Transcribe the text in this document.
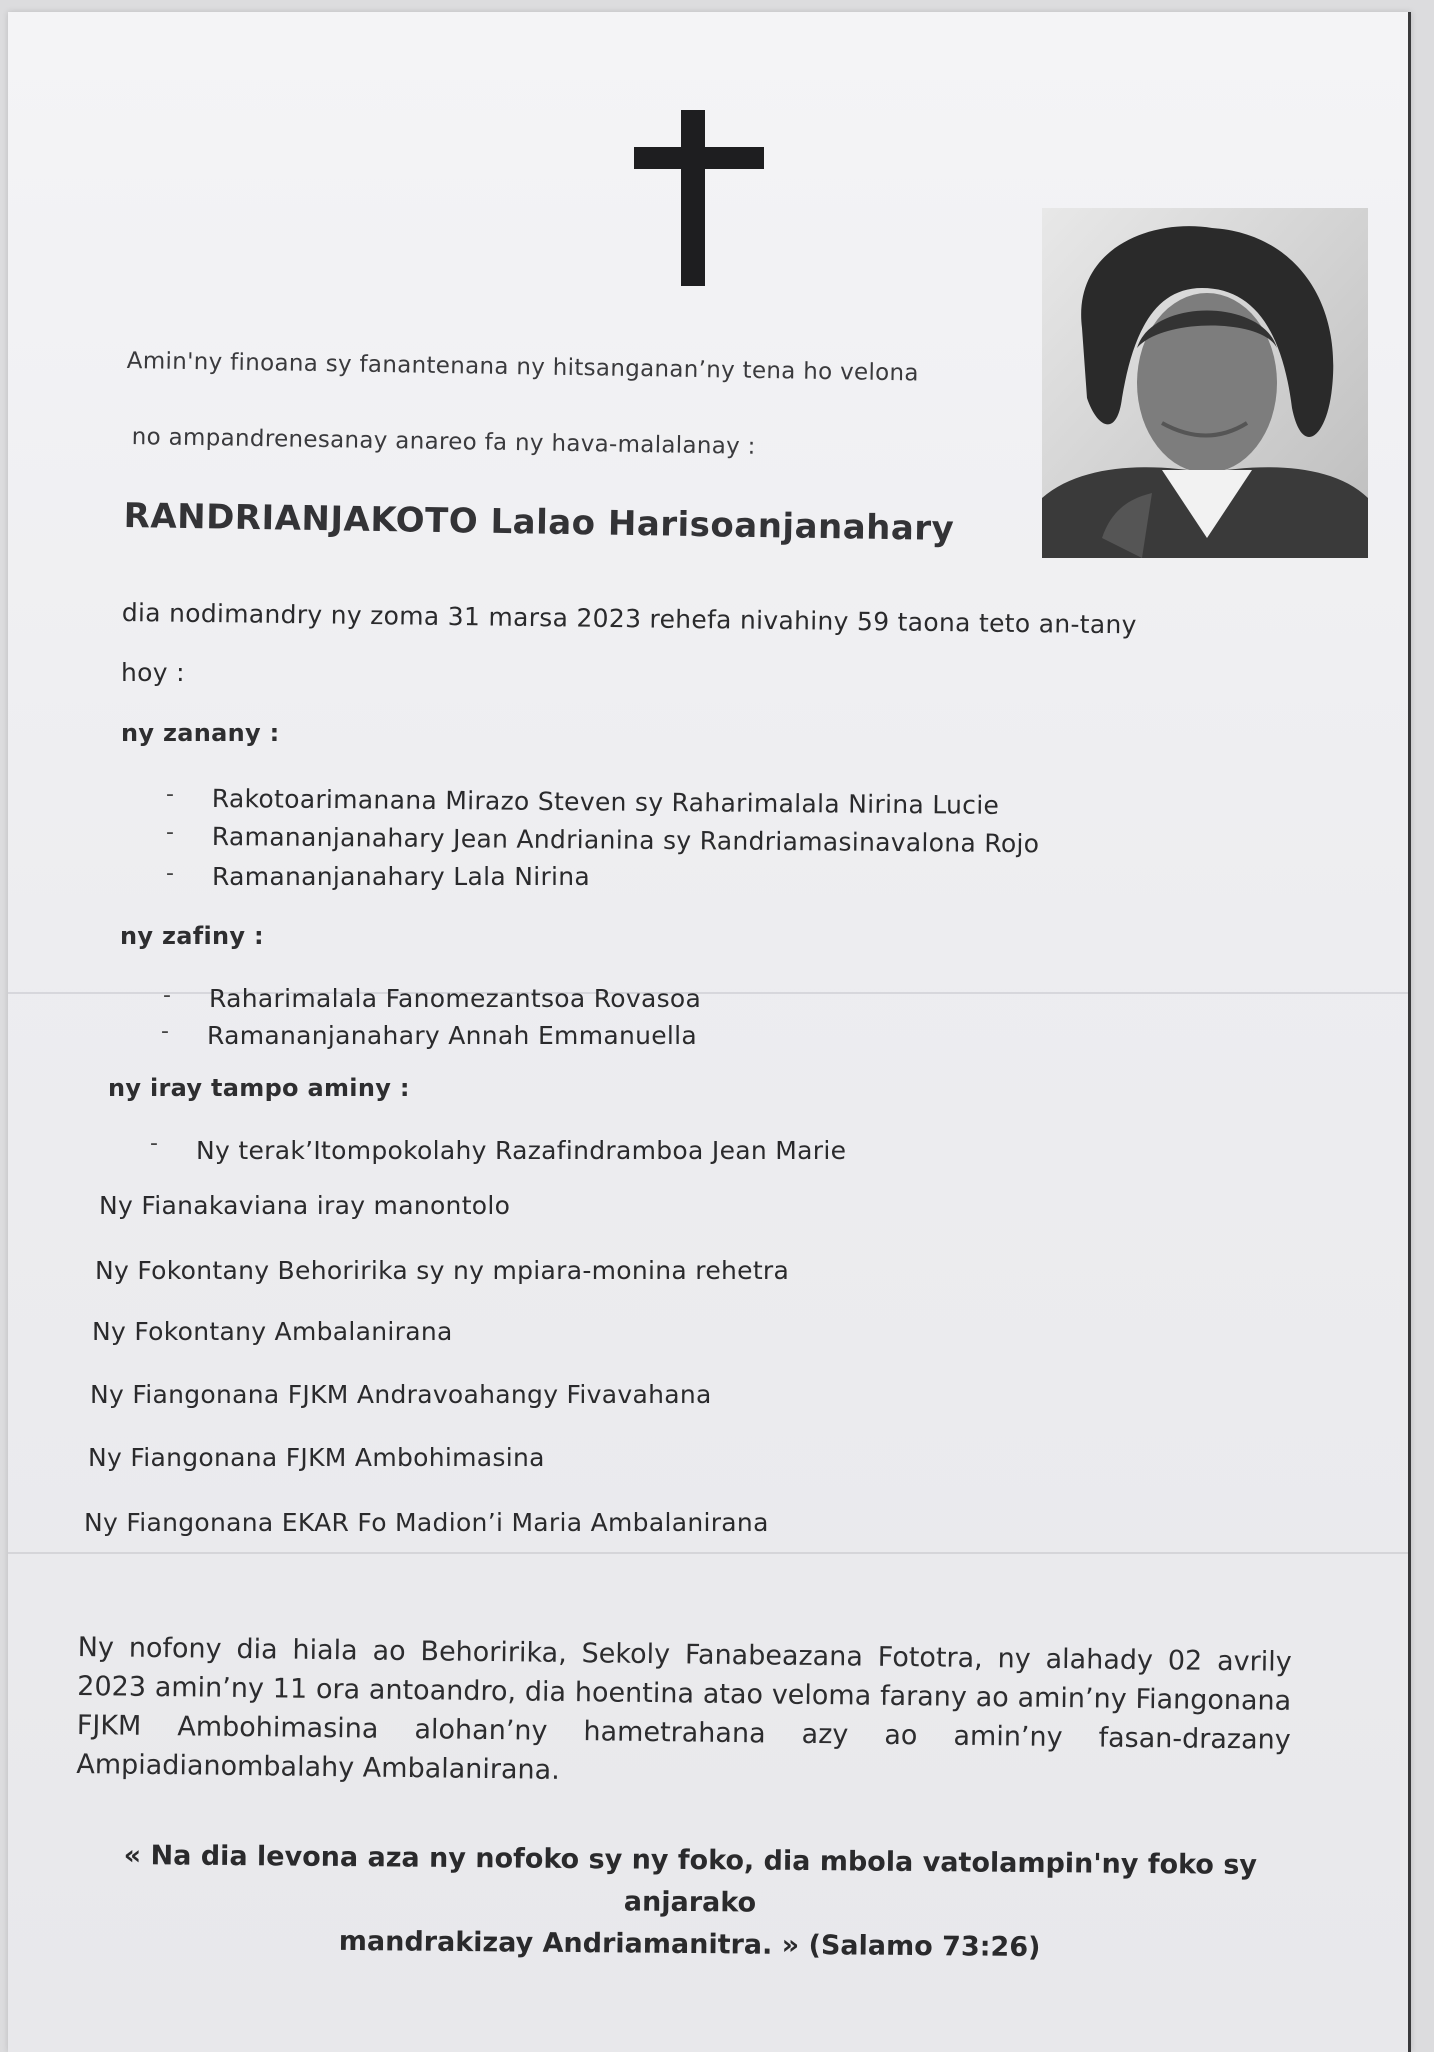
Amin'ny finoana sy fanantenana ny hitsanganan’ny tena ho velona
no ampandrenesanay anareo fa ny hava-malalanay :
RANDRIANJAKOTO Lalao Harisoanjanahary
dia nodimandry ny zoma 31 marsa 2023 rehefa nivahiny 59 taona teto an-tany
hoy :
ny zanany :
- Rakotoarimanana Mirazo Steven sy Raharimalala Nirina Lucie
- Ramananjanahary Jean Andrianina sy Randriamasinavalona Rojo
- Ramananjanahary Lala Nirina
ny zafiny :
- Raharimalala Fanomezantsoa Rovasoa
- Ramananjanahary Annah Emmanuella
ny iray tampo aminy :
- Ny terak’Itompokolahy Razafindramboa Jean Marie
Ny Fianakaviana iray manontolo
Ny Fokontany Behoririka sy ny mpiara-monina rehetra
Ny Fokontany Ambalanirana
Ny Fiangonana FJKM Andravoahangy Fivavahana
Ny Fiangonana FJKM Ambohimasina
Ny Fiangonana EKAR Fo Madion’i Maria Ambalanirana
Ny nofony dia hiala ao Behoririka, Sekoly Fanabeazana Fototra, ny alahady 02 avrily 2023 amin’ny 11 ora antoandro, dia hoentina atao veloma farany ao amin’ny Fiangonana FJKM Ambohimasina alohan’ny hametrahana azy ao amin’ny fasan-drazany Ampiadianombalahy Ambalanirana.
« Na dia levona aza ny nofoko sy ny foko, dia mbola vatolampin'ny foko sy anjarako
mandrakizay Andriamanitra. » (Salamo 73:26)
